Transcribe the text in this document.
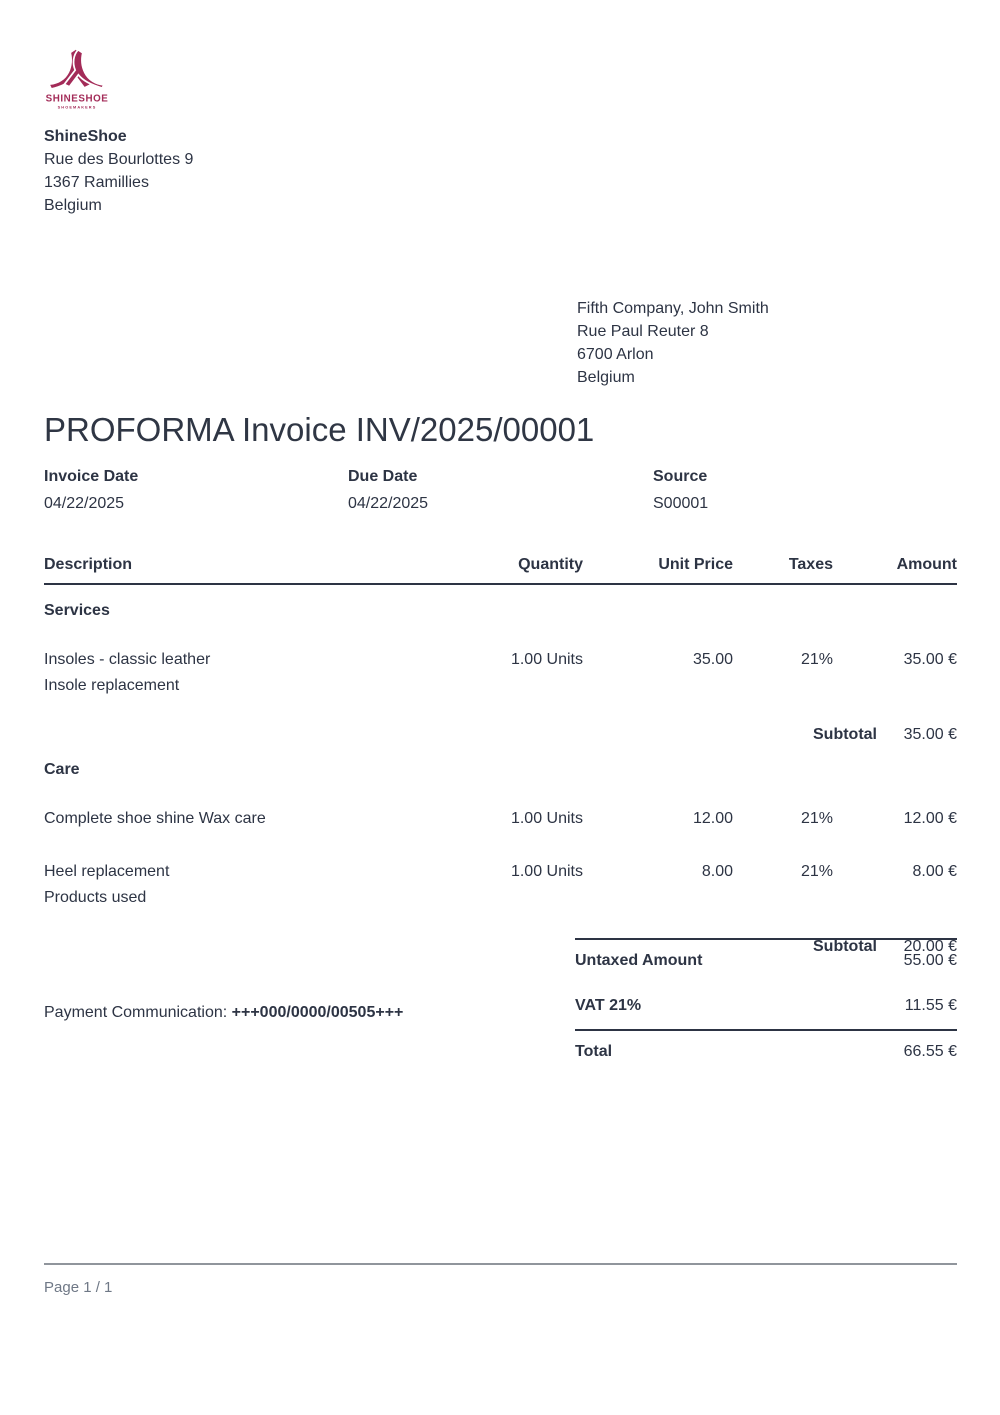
SHINESHOE
SHOEMAKERS
ShineShoe
Rue des Bourlottes 9
1367 Ramillies
Belgium
Fifth Company, John Smith
Rue Paul Reuter 8
6700 Arlon
Belgium
PROFORMA Invoice INV/2025/00001
Invoice Date
04/22/2025
Due Date
04/22/2025
Source
S00001
Description	Quantity	Unit Price	Taxes	Amount
Services
Insoles - classic leather
Insole replacement
1.00 Units	35.00	21%	35.00 €
Subtotal	35.00 €
Care
Complete shoe shine Wax care	1.00 Units	12.00	21%	12.00 €
Heel replacement
Products used
1.00 Units	8.00	21%	8.00 €
Subtotal	20.00 €
Untaxed Amount	55.00 €
VAT 21%	11.55 €
Total	66.55 €
Payment Communication: +++000/0000/00505+++
Page 1 / 1
